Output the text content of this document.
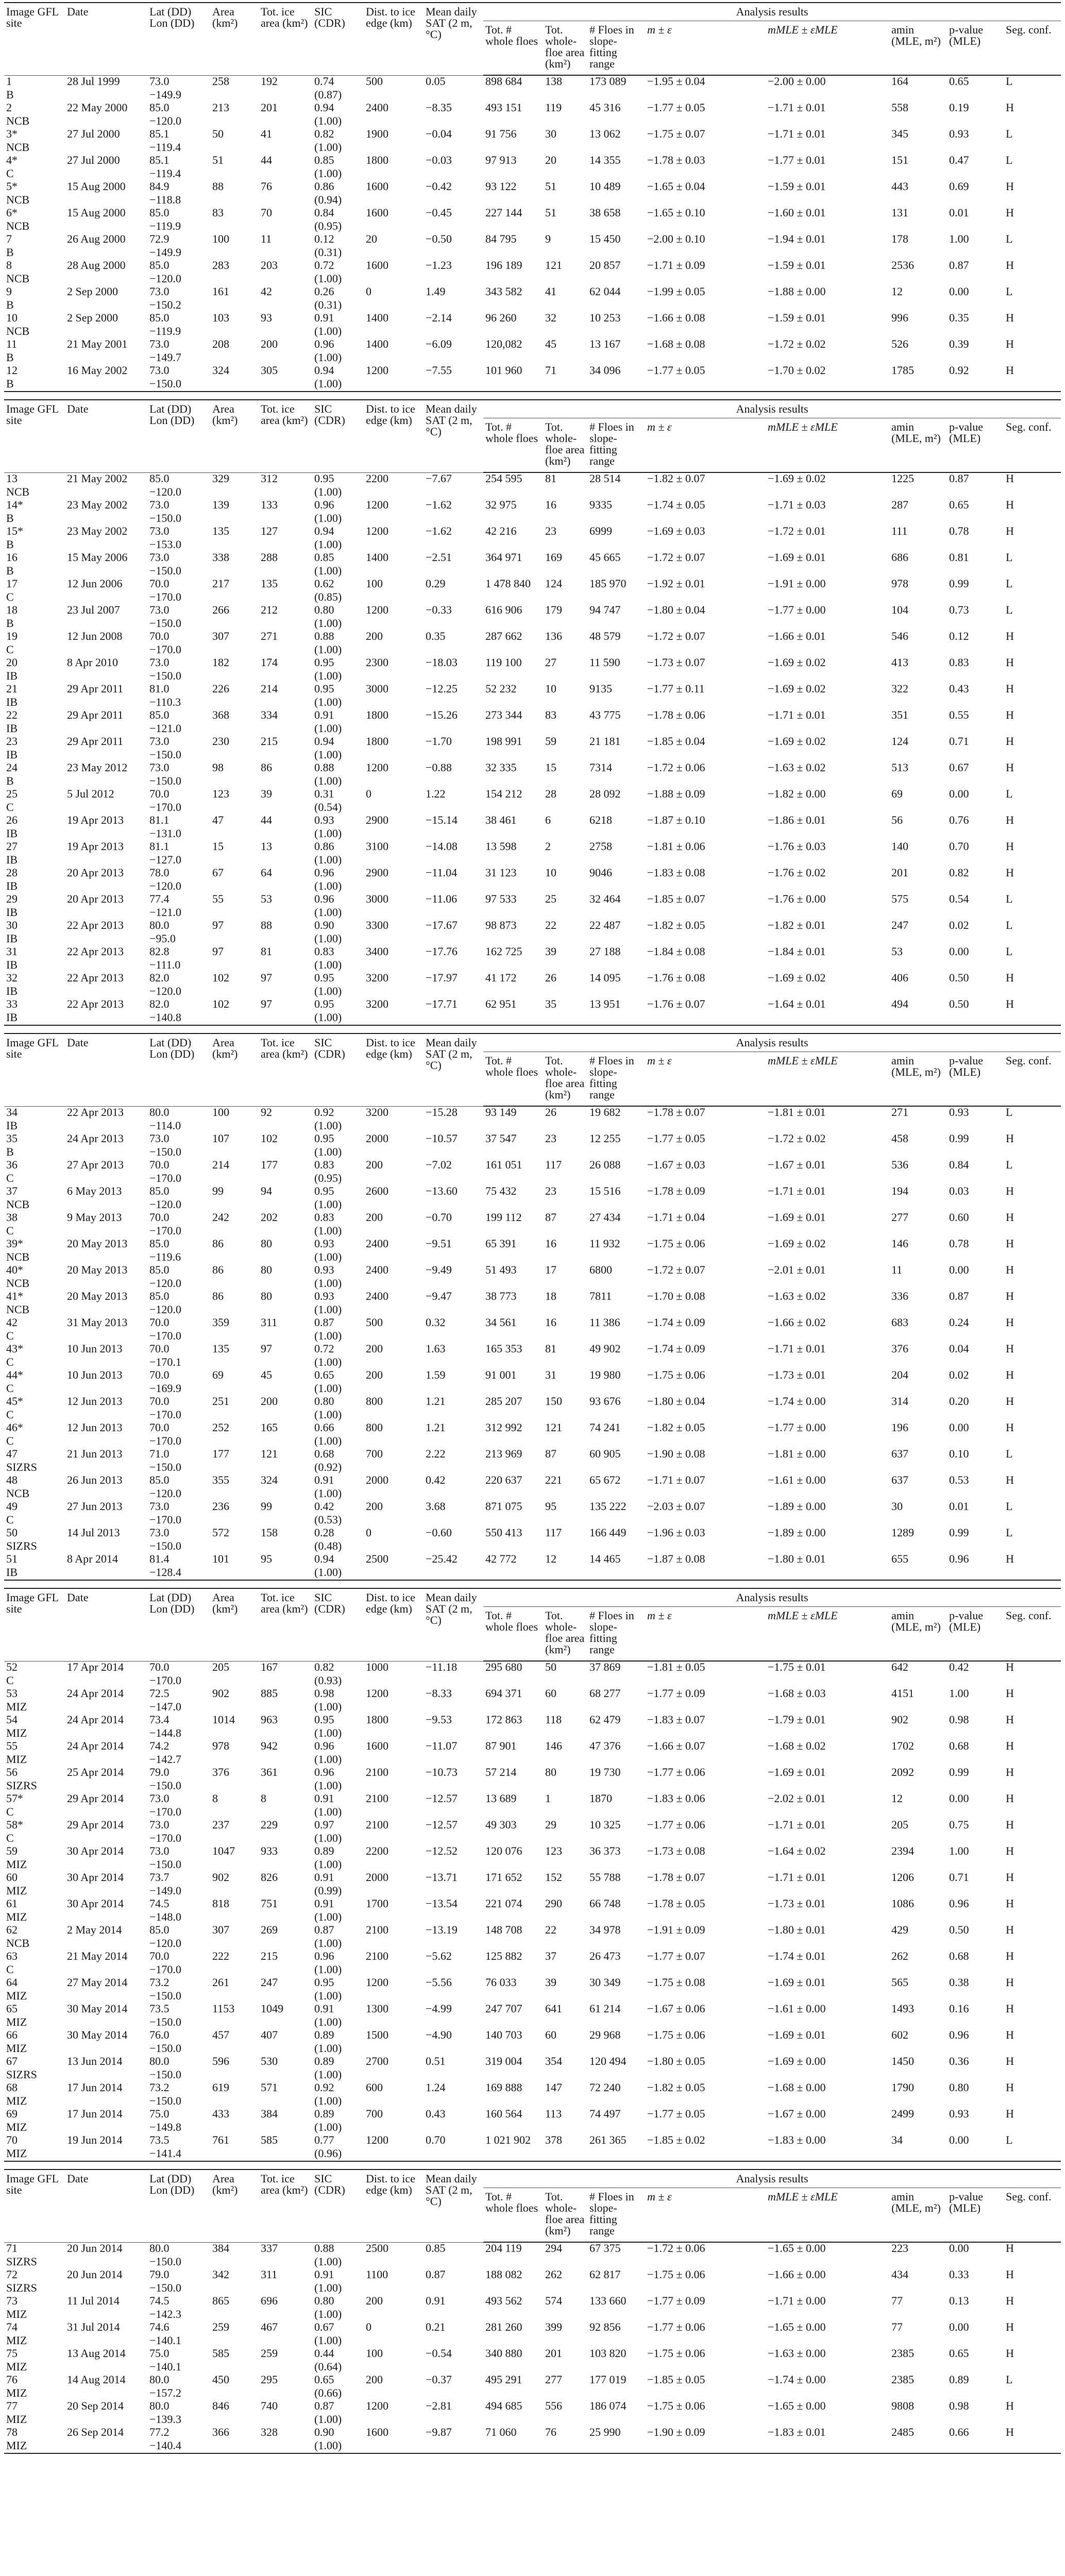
Image GFL site	Date	Lat (DD) Lon (DD)	Area (km²)	Tot. ice area (km²)	SIC (CDR)	Dist. to ice edge (km)	Mean daily SAT (2 m, °C)	Analysis results							
								Tot. # whole floes	Tot. whole-floe area (km²)	# Floes in slope-fitting range	m ± ε	mMLE ± εMLE	amin (MLE, m²)	p-value (MLE)	Seg. conf.
1	28 Jul 1999	73.0	258	192	0.74	500	0.05	898 684	138	173 089	−1.95 ± 0.04	−2.00 ± 0.00	164	0.65	L
B		−149.9			(0.87)										
2	22 May 2000	85.0	213	201	0.94	2400	−8.35	493 151	119	45 316	−1.77 ± 0.05	−1.71 ± 0.01	558	0.19	H
NCB		−120.0			(1.00)										
3*	27 Jul 2000	85.1	50	41	0.82	1900	−0.04	91 756	30	13 062	−1.75 ± 0.07	−1.71 ± 0.01	345	0.93	L
NCB		−119.4			(1.00)										
4*	27 Jul 2000	85.1	51	44	0.85	1800	−0.03	97 913	20	14 355	−1.78 ± 0.03	−1.77 ± 0.01	151	0.47	L
C		−119.4			(1.00)										
5*	15 Aug 2000	84.9	88	76	0.86	1600	−0.42	93 122	51	10 489	−1.65 ± 0.04	−1.59 ± 0.01	443	0.69	H
NCB		−118.8			(0.94)										
6*	15 Aug 2000	85.0	83	70	0.84	1600	−0.45	227 144	51	38 658	−1.65 ± 0.10	−1.60 ± 0.01	131	0.01	H
NCB		−119.9			(0.95)										
7	26 Aug 2000	72.9	100	11	0.12	20	−0.50	84 795	9	15 450	−2.00 ± 0.10	−1.94 ± 0.01	178	1.00	L
B		−149.9			(0.31)										
8	28 Aug 2000	85.0	283	203	0.72	1600	−1.23	196 189	121	20 857	−1.71 ± 0.09	−1.59 ± 0.01	2536	0.87	H
NCB		−120.0			(1.00)										
9	2 Sep 2000	73.0	161	42	0.26	0	1.49	343 582	41	62 044	−1.99 ± 0.05	−1.88 ± 0.00	12	0.00	L
B		−150.2			(0.31)										
10	2 Sep 2000	85.0	103	93	0.91	1400	−2.14	96 260	32	10 253	−1.66 ± 0.08	−1.59 ± 0.01	996	0.35	H
NCB		−119.9			(1.00)										
11	21 May 2001	73.0	208	200	0.96	1400	−6.09	120,082	45	13 167	−1.68 ± 0.08	−1.72 ± 0.02	526	0.39	H
B		−149.7			(1.00)										
12	16 May 2002	73.0	324	305	0.94	1200	−7.55	101 960	71	34 096	−1.77 ± 0.05	−1.70 ± 0.02	1785	0.92	H
B		−150.0			(1.00)										
Image GFL site	Date	Lat (DD) Lon (DD)	Area (km²)	Tot. ice area (km²)	SIC (CDR)	Dist. to ice edge (km)	Mean daily SAT (2 m, °C)	Analysis results							
								Tot. # whole floes	Tot. whole-floe area (km²)	# Floes in slope-fitting range	m ± ε	mMLE ± εMLE	amin (MLE, m²)	p-value (MLE)	Seg. conf.
13	21 May 2002	85.0	329	312	0.95	2200	−7.67	254 595	81	28 514	−1.82 ± 0.07	−1.69 ± 0.02	1225	0.87	H
NCB		−120.0			(1.00)										
14*	23 May 2002	73.0	139	133	0.96	1200	−1.62	32 975	16	9335	−1.74 ± 0.05	−1.71 ± 0.03	287	0.65	H
B		−150.0			(1.00)										
15*	23 May 2002	73.0	135	127	0.94	1200	−1.62	42 216	23	6999	−1.69 ± 0.03	−1.72 ± 0.01	111	0.78	H
B		−153.0			(1.00)										
16	15 May 2006	73.0	338	288	0.85	1400	−2.51	364 971	169	45 665	−1.72 ± 0.07	−1.69 ± 0.01	686	0.81	L
B		−150.0			(1.00)										
17	12 Jun 2006	70.0	217	135	0.62	100	0.29	1 478 840	124	185 970	−1.92 ± 0.01	−1.91 ± 0.00	978	0.99	L
C		−170.0			(0.85)										
18	23 Jul 2007	73.0	266	212	0.80	1200	−0.33	616 906	179	94 747	−1.80 ± 0.04	−1.77 ± 0.00	104	0.73	L
B		−150.0			(1.00)										
19	12 Jun 2008	70.0	307	271	0.88	200	0.35	287 662	136	48 579	−1.72 ± 0.07	−1.66 ± 0.01	546	0.12	H
C		−170.0			(1.00)										
20	8 Apr 2010	73.0	182	174	0.95	2300	−18.03	119 100	27	11 590	−1.73 ± 0.07	−1.69 ± 0.02	413	0.83	H
IB		−150.0			(1.00)										
21	29 Apr 2011	81.0	226	214	0.95	3000	−12.25	52 232	10	9135	−1.77 ± 0.11	−1.69 ± 0.02	322	0.43	H
IB		−110.3			(1.00)										
22	29 Apr 2011	85.0	368	334	0.91	1800	−15.26	273 344	83	43 775	−1.78 ± 0.06	−1.71 ± 0.01	351	0.55	H
IB		−121.0			(1.00)										
23	29 Apr 2011	73.0	230	215	0.94	1800	−1.70	198 991	59	21 181	−1.85 ± 0.04	−1.69 ± 0.02	124	0.71	H
IB		−150.0			(1.00)										
24	23 May 2012	73.0	98	86	0.88	1200	−0.88	32 335	15	7314	−1.72 ± 0.06	−1.63 ± 0.02	513	0.67	H
B		−150.0			(1.00)										
25	5 Jul 2012	70.0	123	39	0.31	0	1.22	154 212	28	28 092	−1.88 ± 0.09	−1.82 ± 0.00	69	0.00	L
C		−170.0			(0.54)										
26	19 Apr 2013	81.1	47	44	0.93	2900	−15.14	38 461	6	6218	−1.87 ± 0.10	−1.86 ± 0.01	56	0.76	H
IB		−131.0			(1.00)										
27	19 Apr 2013	81.1	15	13	0.86	3100	−14.08	13 598	2	2758	−1.81 ± 0.06	−1.76 ± 0.03	140	0.70	H
IB		−127.0			(1.00)										
28	20 Apr 2013	78.0	67	64	0.96	2900	−11.04	31 123	10	9046	−1.83 ± 0.08	−1.76 ± 0.02	201	0.82	H
IB		−120.0			(1.00)										
29	20 Apr 2013	77.4	55	53	0.96	3000	−11.06	97 533	25	32 464	−1.85 ± 0.07	−1.76 ± 0.00	575	0.54	L
IB		−121.0			(1.00)										
30	22 Apr 2013	80.0	97	88	0.90	3300	−17.67	98 873	22	22 487	−1.82 ± 0.05	−1.82 ± 0.01	247	0.02	L
IB		−95.0			(1.00)										
31	22 Apr 2013	82.8	97	81	0.83	3400	−17.76	162 725	39	27 188	−1.84 ± 0.08	−1.84 ± 0.01	53	0.00	L
IB		−111.0			(1.00)										
32	22 Apr 2013	82.0	102	97	0.95	3200	−17.97	41 172	26	14 095	−1.76 ± 0.08	−1.69 ± 0.02	406	0.50	H
IB		−120.0			(1.00)										
33	22 Apr 2013	82.0	102	97	0.95	3200	−17.71	62 951	35	13 951	−1.76 ± 0.07	−1.64 ± 0.01	494	0.50	H
IB		−140.8			(1.00)										
Image GFL site	Date	Lat (DD) Lon (DD)	Area (km²)	Tot. ice area (km²)	SIC (CDR)	Dist. to ice edge (km)	Mean daily SAT (2 m, °C)	Analysis results							
								Tot. # whole floes	Tot. whole-floe area (km²)	# Floes in slope-fitting range	m ± ε	mMLE ± εMLE	amin (MLE, m²)	p-value (MLE)	Seg. conf.
34	22 Apr 2013	80.0	100	92	0.92	3200	−15.28	93 149	26	19 682	−1.78 ± 0.07	−1.81 ± 0.01	271	0.93	L
IB		−114.0			(1.00)										
35	24 Apr 2013	73.0	107	102	0.95	2000	−10.57	37 547	23	12 255	−1.77 ± 0.05	−1.72 ± 0.02	458	0.99	H
B		−150.0			(1.00)										
36	27 Apr 2013	70.0	214	177	0.83	200	−7.02	161 051	117	26 088	−1.67 ± 0.03	−1.67 ± 0.01	536	0.84	L
C		−170.0			(0.95)										
37	6 May 2013	85.0	99	94	0.95	2600	−13.60	75 432	23	15 516	−1.78 ± 0.09	−1.71 ± 0.01	194	0.03	H
NCB		−120.0			(1.00)										
38	9 May 2013	70.0	242	202	0.83	200	−0.70	199 112	87	27 434	−1.71 ± 0.04	−1.69 ± 0.01	277	0.60	H
C		−170.0			(1.00)										
39*	20 May 2013	85.0	86	80	0.93	2400	−9.51	65 391	16	11 932	−1.75 ± 0.06	−1.69 ± 0.02	146	0.78	H
NCB		−119.6			(1.00)										
40*	20 May 2013	85.0	86	80	0.93	2400	−9.49	51 493	17	6800	−1.72 ± 0.07	−2.01 ± 0.01	11	0.00	H
NCB		−120.0			(1.00)										
41*	20 May 2013	85.0	86	80	0.93	2400	−9.47	38 773	18	7811	−1.70 ± 0.08	−1.63 ± 0.02	336	0.87	H
NCB		−120.0			(1.00)										
42	31 May 2013	70.0	359	311	0.87	500	0.32	34 561	16	11 386	−1.74 ± 0.09	−1.66 ± 0.02	683	0.24	H
C		−170.0			(1.00)										
43*	10 Jun 2013	70.0	135	97	0.72	200	1.63	165 353	81	49 902	−1.74 ± 0.09	−1.71 ± 0.01	376	0.04	H
C		−170.1			(1.00)										
44*	10 Jun 2013	70.0	69	45	0.65	200	1.59	91 001	31	19 980	−1.75 ± 0.06	−1.73 ± 0.01	204	0.02	H
C		−169.9			(1.00)										
45*	12 Jun 2013	70.0	251	200	0.80	800	1.21	285 207	150	93 676	−1.80 ± 0.04	−1.74 ± 0.00	314	0.20	H
C		−170.0			(1.00)										
46*	12 Jun 2013	70.0	252	165	0.66	800	1.21	312 992	121	74 241	−1.82 ± 0.05	−1.77 ± 0.00	196	0.00	H
C		−170.0			(1.00)										
47	21 Jun 2013	71.0	177	121	0.68	700	2.22	213 969	87	60 905	−1.90 ± 0.08	−1.81 ± 0.00	637	0.10	L
SIZRS		−150.0			(0.92)										
48	26 Jun 2013	85.0	355	324	0.91	2000	0.42	220 637	221	65 672	−1.71 ± 0.07	−1.61 ± 0.00	637	0.53	H
NCB		−120.0			(1.00)										
49	27 Jun 2013	73.0	236	99	0.42	200	3.68	871 075	95	135 222	−2.03 ± 0.07	−1.89 ± 0.00	30	0.01	L
C		−170.0			(0.53)										
50	14 Jul 2013	73.0	572	158	0.28	0	−0.60	550 413	117	166 449	−1.96 ± 0.03	−1.89 ± 0.00	1289	0.99	L
SIZRS		−150.0			(0.48)										
51	8 Apr 2014	81.4	101	95	0.94	2500	−25.42	42 772	12	14 465	−1.87 ± 0.08	−1.80 ± 0.01	655	0.96	H
IB		−128.4			(1.00)										
Image GFL site	Date	Lat (DD) Lon (DD)	Area (km²)	Tot. ice area (km²)	SIC (CDR)	Dist. to ice edge (km)	Mean daily SAT (2 m, °C)	Analysis results							
								Tot. # whole floes	Tot. whole-floe area (km²)	# Floes in slope-fitting range	m ± ε	mMLE ± εMLE	amin (MLE, m²)	p-value (MLE)	Seg. conf.
52	17 Apr 2014	70.0	205	167	0.82	1000	−11.18	295 680	50	37 869	−1.81 ± 0.05	−1.75 ± 0.01	642	0.42	H
C		−170.0			(0.93)										
53	24 Apr 2014	72.5	902	885	0.98	1200	−8.33	694 371	60	68 277	−1.77 ± 0.09	−1.68 ± 0.03	4151	1.00	H
MIZ		−147.0			(1.00)										
54	24 Apr 2014	73.4	1014	963	0.95	1800	−9.53	172 863	118	62 479	−1.83 ± 0.07	−1.79 ± 0.01	902	0.98	H
MIZ		−144.8			(1.00)										
55	24 Apr 2014	74.2	978	942	0.96	1600	−11.07	87 901	146	47 376	−1.66 ± 0.07	−1.68 ± 0.02	1702	0.68	H
MIZ		−142.7			(1.00)										
56	25 Apr 2014	79.0	376	361	0.96	2100	−10.73	57 214	80	19 730	−1.77 ± 0.06	−1.69 ± 0.01	2092	0.99	H
SIZRS		−150.0			(1.00)										
57*	29 Apr 2014	73.0	8	8	0.91	2100	−12.57	13 689	1	1870	−1.83 ± 0.06	−2.02 ± 0.01	12	0.00	H
C		−170.0			(1.00)										
58*	29 Apr 2014	73.0	237	229	0.97	2100	−12.57	49 303	29	10 325	−1.77 ± 0.06	−1.71 ± 0.01	205	0.75	H
C		−170.0			(1.00)										
59	30 Apr 2014	73.0	1047	933	0.89	2200	−12.52	120 076	123	36 373	−1.73 ± 0.08	−1.64 ± 0.02	2394	1.00	H
MIZ		−150.0			(1.00)										
60	30 Apr 2014	73.7	902	826	0.91	2000	−13.71	171 652	152	55 788	−1.78 ± 0.07	−1.71 ± 0.01	1206	0.71	H
MIZ		−149.0			(0.99)										
61	30 Apr 2014	74.5	818	751	0.91	1700	−13.54	221 074	290	66 748	−1.78 ± 0.05	−1.73 ± 0.01	1086	0.96	H
MIZ		−148.0			(1.00)										
62	2 May 2014	85.0	307	269	0.87	2100	−13.19	148 708	22	34 978	−1.91 ± 0.09	−1.80 ± 0.01	429	0.50	H
NCB		−120.0			(1.00)										
63	21 May 2014	70.0	222	215	0.96	2100	−5.62	125 882	37	26 473	−1.77 ± 0.07	−1.74 ± 0.01	262	0.68	H
C		−170.0			(1.00)										
64	27 May 2014	73.2	261	247	0.95	1200	−5.56	76 033	39	30 349	−1.75 ± 0.08	−1.69 ± 0.01	565	0.38	H
MIZ		−150.0			(1.00)										
65	30 May 2014	73.5	1153	1049	0.91	1300	−4.99	247 707	641	61 214	−1.67 ± 0.06	−1.61 ± 0.00	1493	0.16	H
MIZ		−150.0			(1.00)										
66	30 May 2014	76.0	457	407	0.89	1500	−4.90	140 703	60	29 968	−1.75 ± 0.06	−1.69 ± 0.01	602	0.96	H
MIZ		−150.0			(1.00)										
67	13 Jun 2014	80.0	596	530	0.89	2700	0.51	319 004	354	120 494	−1.80 ± 0.05	−1.69 ± 0.00	1450	0.36	H
SIZRS		−150.0			(1.00)										
68	17 Jun 2014	73.2	619	571	0.92	600	1.24	169 888	147	72 240	−1.82 ± 0.05	−1.68 ± 0.00	1790	0.80	H
MIZ		−150.0			(1.00)										
69	17 Jun 2014	75.0	433	384	0.89	700	0.43	160 564	113	74 497	−1.77 ± 0.05	−1.67 ± 0.00	2499	0.93	H
MIZ		−149.8			(1.00)										
70	19 Jun 2014	73.5	761	585	0.77	1200	0.70	1 021 902	378	261 365	−1.85 ± 0.02	−1.83 ± 0.00	34	0.00	L
MIZ		−141.4			(0.96)										
Image GFL site	Date	Lat (DD) Lon (DD)	Area (km²)	Tot. ice area (km²)	SIC (CDR)	Dist. to ice edge (km)	Mean daily SAT (2 m, °C)	Analysis results							
								Tot. # whole floes	Tot. whole-floe area (km²)	# Floes in slope-fitting range	m ± ε	mMLE ± εMLE	amin (MLE, m²)	p-value (MLE)	Seg. conf.
71	20 Jun 2014	80.0	384	337	0.88	2500	0.85	204 119	294	67 375	−1.72 ± 0.06	−1.65 ± 0.00	223	0.00	H
SIZRS		−150.0			(1.00)										
72	20 Jun 2014	79.0	342	311	0.91	1100	0.87	188 082	262	62 817	−1.75 ± 0.06	−1.66 ± 0.00	434	0.33	H
SIZRS		−150.0			(1.00)										
73	11 Jul 2014	74.5	865	696	0.80	200	0.91	493 562	574	133 660	−1.77 ± 0.09	−1.71 ± 0.00	77	0.13	H
MIZ		−142.3			(1.00)										
74	31 Jul 2014	74.6	259	467	0.67	0	0.21	281 260	399	92 856	−1.77 ± 0.06	−1.65 ± 0.00	77	0.00	H
MIZ		−140.1			(1.00)										
75	13 Aug 2014	75.0	585	259	0.44	100	−0.54	340 880	201	103 820	−1.75 ± 0.06	−1.63 ± 0.00	2385	0.65	H
MIZ		−140.1			(0.64)										
76	14 Aug 2014	80.0	450	295	0.65	200	−0.37	495 291	277	177 019	−1.85 ± 0.05	−1.74 ± 0.00	2385	0.89	L
MIZ		−157.2			(0.66)										
77	20 Sep 2014	80.0	846	740	0.87	1200	−2.81	494 685	556	186 074	−1.75 ± 0.06	−1.65 ± 0.00	9808	0.98	H
MIZ		−139.3			(1.00)										
78	26 Sep 2014	77.2	366	328	0.90	1600	−9.87	71 060	76	25 990	−1.90 ± 0.09	−1.83 ± 0.01	2485	0.66	H
MIZ		−140.4			(1.00)										
